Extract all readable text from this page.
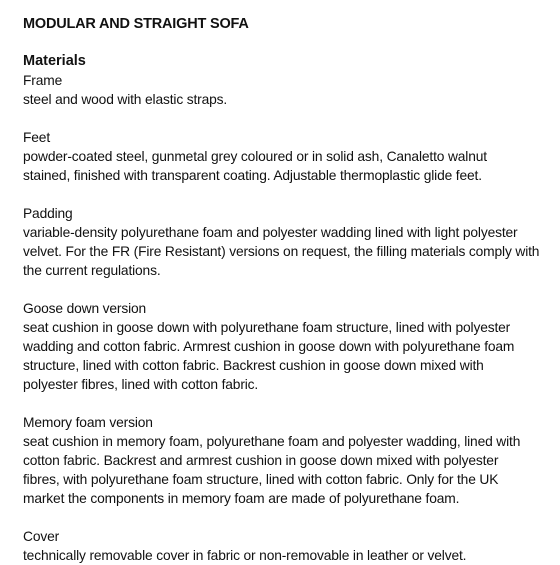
MODULAR AND STRAIGHT SOFA
Materials

Frame

steel and wood with elastic straps.

Feet

powder-coated steel, gunmetal grey coloured or in solid ash, Canaletto walnut
stained, finished with transparent coating. Adjustable thermoplastic glide feet.

Padding

variable-density polyurethane foam and polyester wadding lined with light polyester
velvet. For the FR (Fire Resistant) versions on request, the filling materials comply with
the current regulations.

Goose down version

seat cushion in goose down with polyurethane foam structure, lined with polyester
wadding and cotton fabric. Armrest cushion in goose down with polyurethane foam
structure, lined with cotton fabric. Backrest cushion in goose down mixed with
polyester fibres, lined with cotton fabric.

Memory foam version

seat cushion in memory foam, polyurethane foam and polyester wadding, lined with
cotton fabric. Backrest and armrest cushion in goose down mixed with polyester
fibres, with polyurethane foam structure, lined with cotton fabric. Only for the UK
market the components in memory foam are made of polyurethane foam.

Cover

technically removable cover in fabric or non-removable in leather or velvet.
